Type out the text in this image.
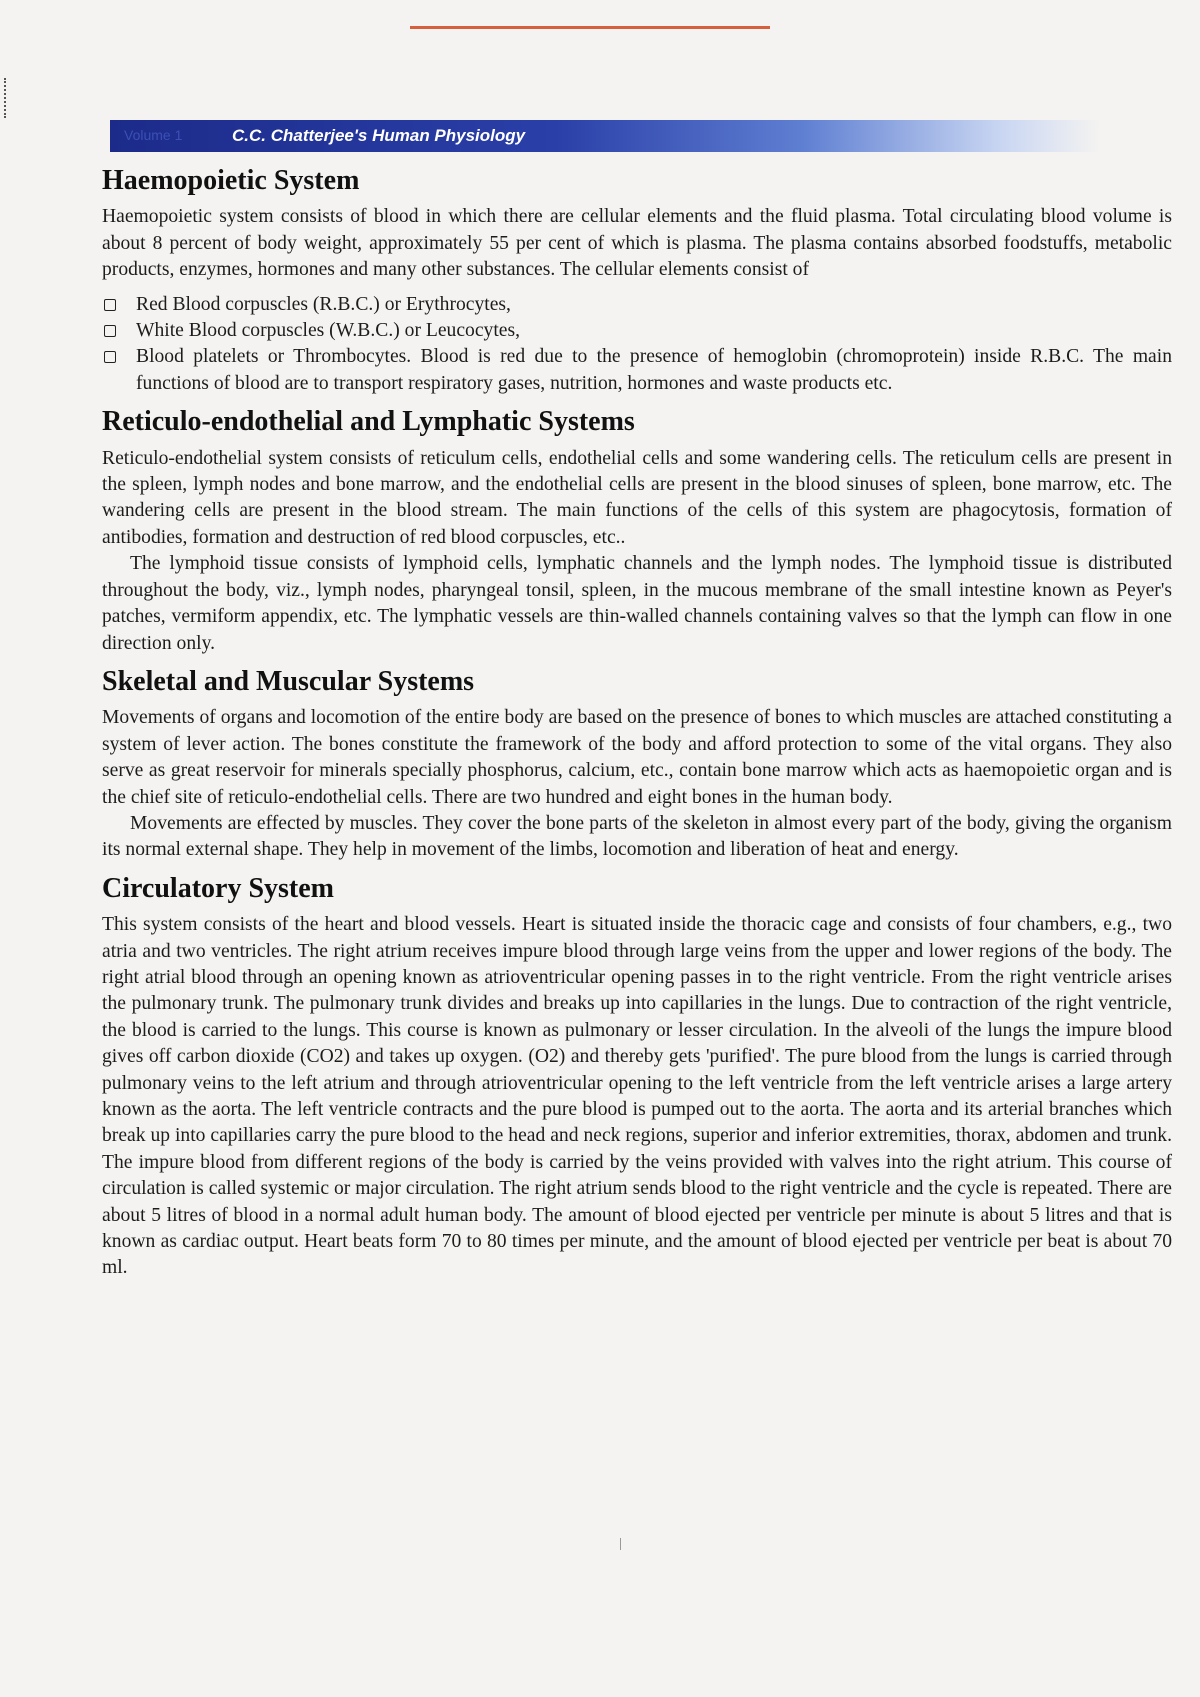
Volume 1	C.C. Chatterjee's Human Physiology
Haemopoietic System

Haemopoietic system consists of blood in which there are cellular elements and the fluid plasma. Total circulating blood volume is about 8 percent of body weight, approximately 55 per cent of which is plasma. The plasma contains absorbed foodstuffs, metabolic products, enzymes, hormones and many other substances. The cellular elements consist of

Red Blood corpuscles (R.B.C.) or Erythrocytes,
White Blood corpuscles (W.B.C.) or Leucocytes,
Blood platelets or Thrombocytes. Blood is red due to the presence of hemoglobin (chromoprotein) inside R.B.C. The main functions of blood are to transport respiratory gases, nutrition, hormones and waste products etc.
Reticulo-endothelial and Lymphatic Systems

Reticulo-endothelial system consists of reticulum cells, endothelial cells and some wandering cells. The reticulum cells are present in the spleen, lymph nodes and bone marrow, and the endothelial cells are present in the blood sinuses of spleen, bone marrow, etc. The wandering cells are present in the blood stream. The main functions of the cells of this system are phagocytosis, formation of antibodies, formation and destruction of red blood corpuscles, etc..

The lymphoid tissue consists of lymphoid cells, lymphatic channels and the lymph nodes. The lymphoid tissue is distributed throughout the body, viz., lymph nodes, pharyngeal tonsil, spleen, in the mucous membrane of the small intestine known as Peyer's patches, vermiform appendix, etc. The lymphatic vessels are thin-walled channels containing valves so that the lymph can flow in one direction only.

Skeletal and Muscular Systems

Movements of organs and locomotion of the entire body are based on the presence of bones to which muscles are attached constituting a system of lever action. The bones constitute the framework of the body and afford protection to some of the vital organs. They also serve as great reservoir for minerals specially phosphorus, calcium, etc., contain bone marrow which acts as haemopoietic organ and is the chief site of reticulo-endothelial cells. There are two hundred and eight bones in the human body.

Movements are effected by muscles. They cover the bone parts of the skeleton in almost every part of the body, giving the organism its normal external shape. They help in movement of the limbs, locomotion and liberation of heat and energy.

Circulatory System

This system consists of the heart and blood vessels. Heart is situated inside the thoracic cage and consists of four chambers, e.g., two atria and two ventricles. The right atrium receives impure blood through large veins from the upper and lower regions of the body. The right atrial blood through an opening known as atrioventricular opening passes in to the right ventricle. From the right ventricle arises the pulmonary trunk. The pulmonary trunk divides and breaks up into capillaries in the lungs. Due to contraction of the right ventricle, the blood is carried to the lungs. This course is known as pulmonary or lesser circulation. In the alveoli of the lungs the impure blood gives off carbon dioxide (CO2) and takes up oxygen. (O2) and thereby gets 'purified'. The pure blood from the lungs is carried through pulmonary veins to the left atrium and through atrioventricular opening to the left ventricle from the left ventricle arises a large artery known as the aorta. The left ventricle contracts and the pure blood is pumped out to the aorta. The aorta and its arterial branches which break up into capillaries carry the pure blood to the head and neck regions, superior and inferior extremities, thorax, abdomen and trunk. The impure blood from different regions of the body is carried by the veins provided with valves into the right atrium. This course of circulation is called systemic or major circulation. The right atrium sends blood to the right ventricle and the cycle is repeated. There are about 5 litres of blood in a normal adult human body. The amount of blood ejected per ventricle per minute is about 5 litres and that is known as cardiac output. Heart beats form 70 to 80 times per minute, and the amount of blood ejected per ventricle per beat is about 70 ml.
